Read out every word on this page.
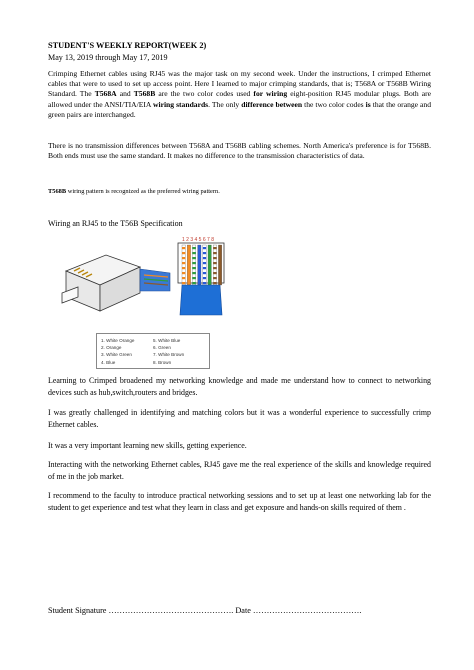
STUDENT'S WEEKLY REPORT(WEEK 2)
May 13, 2019 through May 17, 2019
Crimping Ethernet cables using RJ45 was the major task on my second week. Under the instructions, I crimped Ethernet cables that were to used to set up access point. Here I learned to major crimping standards, that is; T568A or T568B Wiring Standard. The T568A and T568B are the two color codes used for wiring eight-position RJ45 modular plugs. Both are allowed under the ANSI/TIA/EIA wiring standards. The only difference between the two color codes is that the orange and green pairs are interchanged.
There is no transmission differences between T568A and T568B cabling schemes. North America's preference is for T568B. Both ends must use the same standard. It makes no difference to the transmission characteristics of data.
T568B wiring pattern is recognized as the preferred wiring pattern.
Wiring an RJ45 to the T56B Specification
1 2 3 4 5 6 7 8
1. White Orange
2. Orange
3. White Green
4. Blue
5. White Blue
6. Green
7. White Brown
8. Brown
Learning to Crimped broadened my networking knowledge and made me understand how to connect to networking devices such as hub,switch,routers and bridges.
I was greatly challenged in identifying and matching colors but it was a wonderful experience to successfully crimp Ethernet cables.
It was a very important learning new skills, getting experience.
Interacting with the networking Ethernet cables, RJ45 gave me the real experience of the skills and knowledge required of me in the job market.
I recommend to the faculty to introduce practical networking sessions and to set up at least one networking lab for the student to get experience and test what they learn in class and get exposure and hands-on skills required of them .
Student Signature ………………………………………. Date ………………………………….
